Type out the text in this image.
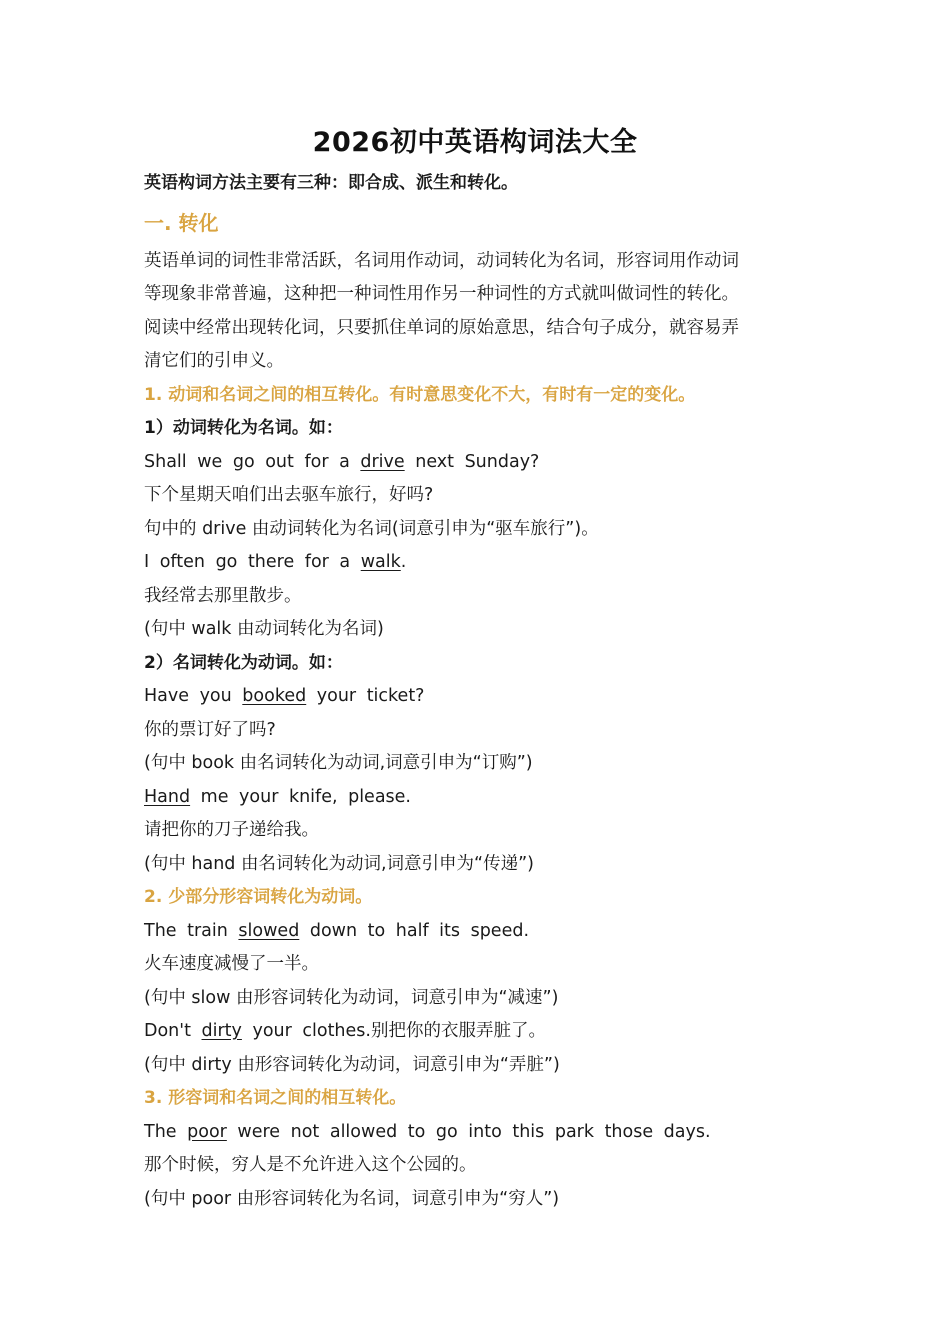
2026初中英语构词法大全
英语构词方法主要有三种：即合成、派生和转化。
一. 转化
英语单词的词性非常活跃，名词用作动词，动词转化为名词，形容词用作动词
等现象非常普遍，这种把一种词性用作另一种词性的方式就叫做词性的转化。
阅读中经常出现转化词，只要抓住单词的原始意思，结合句子成分，就容易弄
清它们的引申义。
1. 动词和名词之间的相互转化。有时意思变化不大，有时有一定的变化。
1）动词转化为名词。如：
Shall we go out for a drive next Sunday?
下个星期天咱们出去驱车旅行，好吗?
句中的 drive 由动词转化为名词(词意引申为“驱车旅行”)。
I often go there for a walk.
我经常去那里散步。
(句中 walk 由动词转化为名词)
2）名词转化为动词。如：
Have you booked your ticket?
你的票订好了吗?
(句中 book 由名词转化为动词,词意引申为“订购”)
Hand me your knife, please.
请把你的刀子递给我。
(句中 hand 由名词转化为动词,词意引申为“传递”)
2. 少部分形容词转化为动词。
The train slowed down to half its speed.
火车速度减慢了一半。
(句中 slow 由形容词转化为动词，词意引申为“减速”)
Don't dirty your clothes.别把你的衣服弄脏了。
(句中 dirty 由形容词转化为动词，词意引申为“弄脏”)
3. 形容词和名词之间的相互转化。
The poor were not allowed to go into this park those days.
那个时候，穷人是不允许进入这个公园的。
(句中 poor 由形容词转化为名词，词意引申为“穷人”)
